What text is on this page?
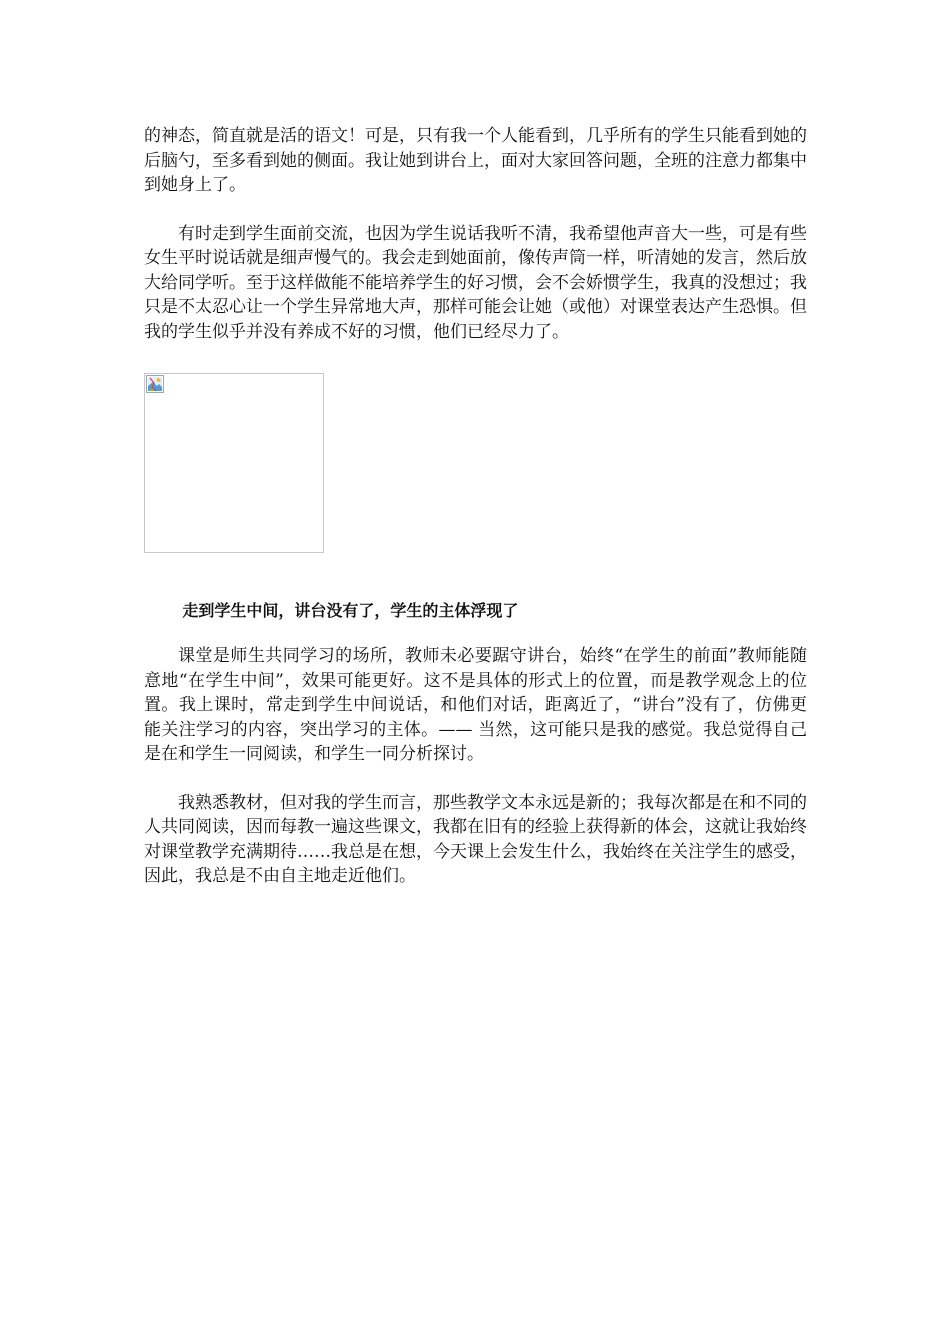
的神态，简直就是活的语文！可是，只有我一个人能看到，几乎所有的学生只能看到她的后脑勺，至多看到她的侧面。我让她到讲台上，面对大家回答问题，全班的注意力都集中到她身上了。

有时走到学生面前交流，也因为学生说话我听不清，我希望他声音大一些，可是有些女生平时说话就是细声慢气的。我会走到她面前，像传声筒一样，听清她的发言，然后放大给同学听。至于这样做能不能培养学生的好习惯，会不会娇惯学生，我真的没想过；我只是不太忍心让一个学生异常地大声，那样可能会让她（或他）对课堂表达产生恐惧。但我的学生似乎并没有养成不好的习惯，他们已经尽力了。

走到学生中间，讲台没有了，学生的主体浮现了

课堂是师生共同学习的场所，教师未必要踞守讲台，始终“在学生的前面”教师能随意地“在学生中间”，效果可能更好。这不是具体的形式上的位置，而是教学观念上的位置。我上课时，常走到学生中间说话，和他们对话，距离近了，“讲台”没有了，仿佛更能关注学习的内容，突出学习的主体。—— 当然，这可能只是我的感觉。我总觉得自己是在和学生一同阅读，和学生一同分析探讨。

我熟悉教材，但对我的学生而言，那些教学文本永远是新的；我每次都是在和不同的人共同阅读，因而每教一遍这些课文，我都在旧有的经验上获得新的体会，这就让我始终对课堂教学充满期待……我总是在想，今天课上会发生什么，我始终在关注学生的感受，因此，我总是不由自主地走近他们。
